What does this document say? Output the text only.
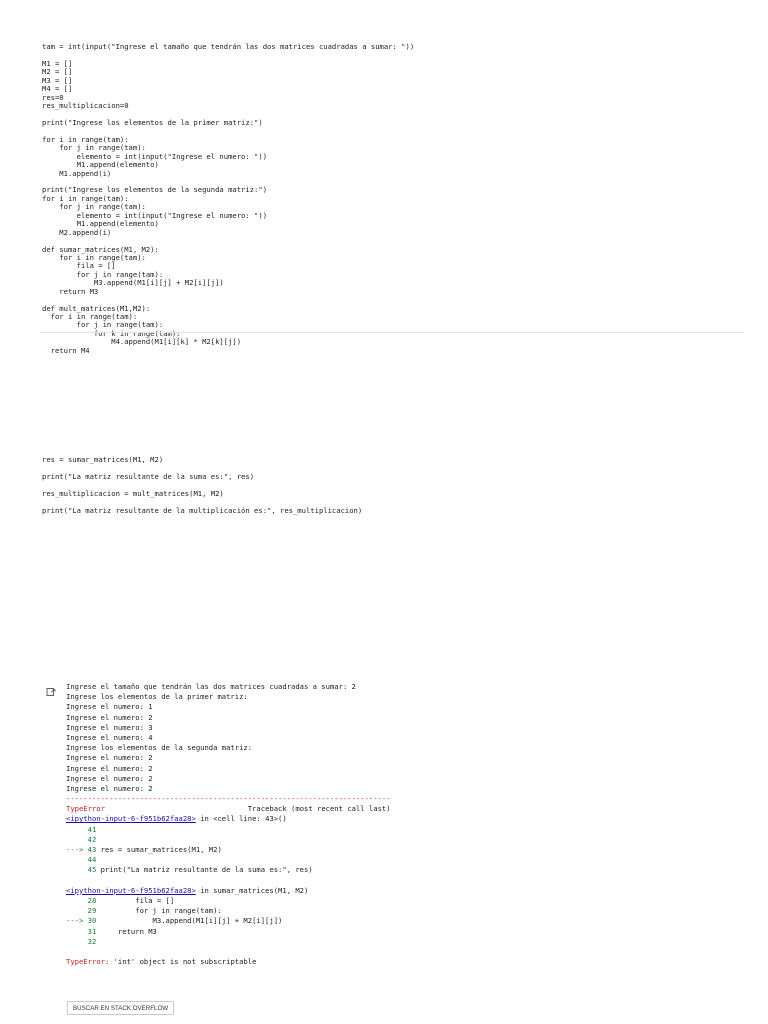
tam = int(input("Ingrese el tamaño que tendrán las dos matrices cuadradas a sumar: "))
M1 = []
M2 = []
M3 = []
M4 = []
res=0
res_multiplicacion=0
print("Ingrese los elementos de la primer matriz:")
for i in range(tam):
for j in range(tam):
elemento = int(input("Ingrese el numero: "))
M1.append(elemento)
M1.append(i)
print("Ingrese los elementos de la segunda matriz:")
for i in range(tam):
for j in range(tam):
elemento = int(input("Ingrese el numero: "))
M1.append(elemento)
M2.append(i)
def sumar_matrices(M1, M2):
for i in range(tam):
fila = []
for j in range(tam):
M3.append(M1[i][j] + M2[i][j])
return M3
def mult_matrices(M1,M2):
for i in range(tam):
for j in range(tam):
for k in range(tam):
M4.append(M1[i][k] * M2[k][j])
return M4
res = sumar_matrices(M1, M2)
print("La matriz resultante de la suma es:", res)
res_multiplicacion = mult_matrices(M1, M2)
print("La matriz resultante de la multiplicación es:", res_multiplicacion)
Ingrese el tamaño que tendrán las dos matrices cuadradas a sumar: 2
Ingrese los elementos de la primer matriz:
Ingrese el numero: 1
Ingrese el numero: 2
Ingrese el numero: 3
Ingrese el numero: 4
Ingrese los elementos de la segunda matriz:
Ingrese el numero: 2
Ingrese el numero: 2
Ingrese el numero: 2
Ingrese el numero: 2
---------------------------------------------------------------------------
TypeError	Traceback (most recent call last)
<ipython-input-6-f951b62faa28> in <cell line: 43>()
41
42
---> 43 res = sumar_matrices(M1, M2)
44
45 print("La matriz resultante de la suma es:", res)
<ipython-input-6-f951b62faa28> in sumar_matrices(M1, M2)
28         fila = []
29         for j in range(tam):
---> 30             M3.append(M1[i][j] + M2[i][j])
31     return M3
32
TypeError: 'int' object is not subscriptable
BUSCAR EN STACK OVERFLOW
